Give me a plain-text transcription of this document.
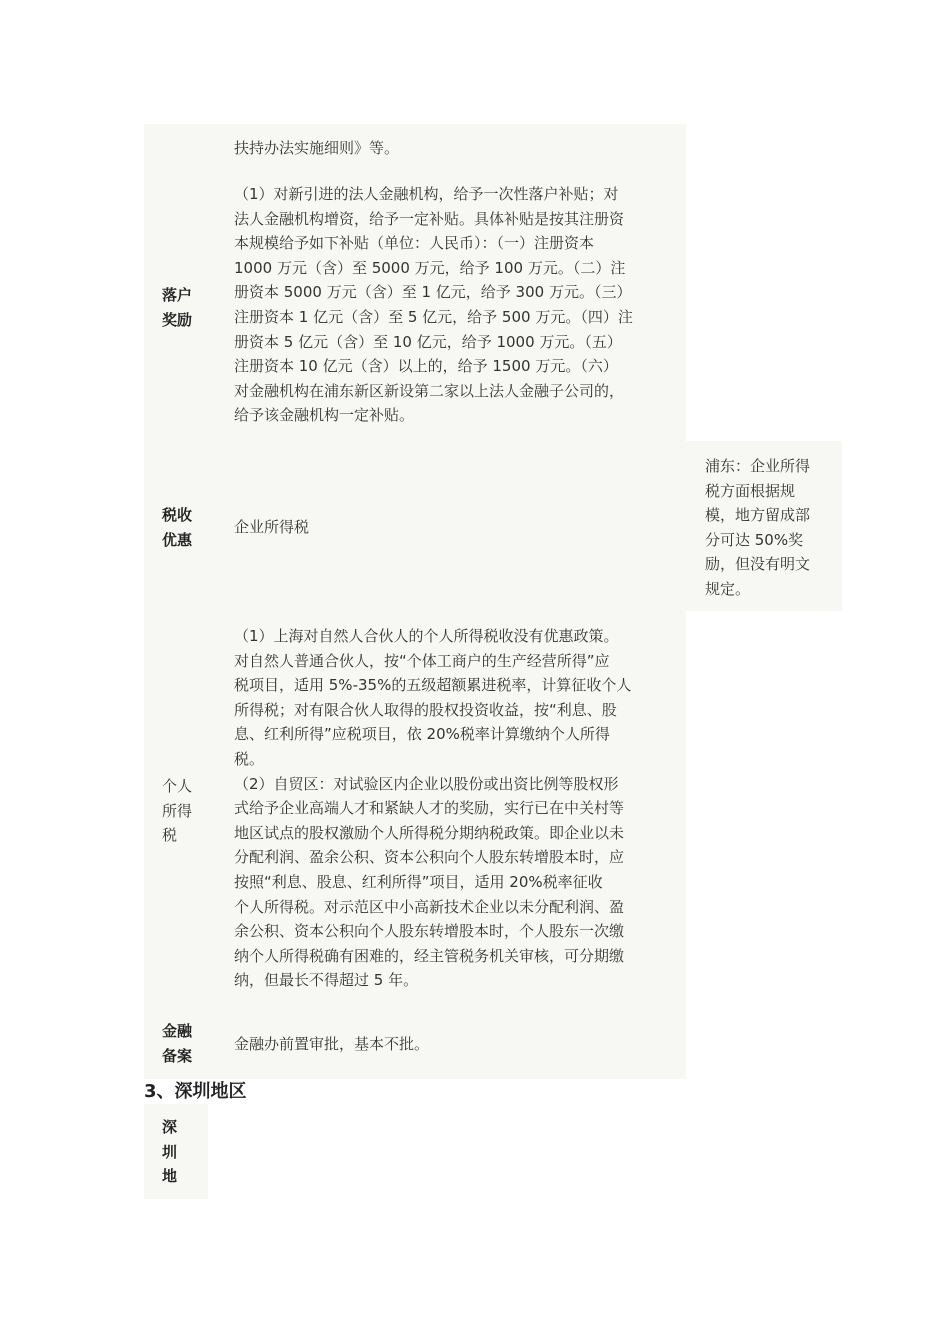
扶持办法实施细则》等。
落户
奖励
（1）对新引进的法人金融机构，给予一次性落户补贴；对
法人金融机构增资，给予一定补贴。具体补贴是按其注册资
本规模给予如下补贴（单位：人民币）：（一）注册资本
1000 万元（含）至 5000 万元，给予 100 万元。（二）注
册资本 5000 万元（含）至 1 亿元，给予 300 万元。（三）
注册资本 1 亿元（含）至 5 亿元，给予 500 万元。（四）注
册资本 5 亿元（含）至 10 亿元，给予 1000 万元。（五）
注册资本 10 亿元（含）以上的，给予 1500 万元。（六）
对金融机构在浦东新区新设第二家以上法人金融子公司的，
给予该金融机构一定补贴。
税收
优惠
企业所得税
浦东：企业所得
税方面根据规
模，地方留成部
分可达 50%奖
励，但没有明文
规定。
个人
所得
税
（1）上海对自然人合伙人的个人所得税收没有优惠政策。
对自然人普通合伙人，按“个体工商户的生产经营所得”应
税项目，适用 5%-35%的五级超额累进税率，计算征收个人
所得税；对有限合伙人取得的股权投资收益，按“利息、股
息、红利所得”应税项目，依 20%税率计算缴纳个人所得
税。
（2）自贸区：对试验区内企业以股份或出资比例等股权形
式给予企业高端人才和紧缺人才的奖励，实行已在中关村等
地区试点的股权激励个人所得税分期纳税政策。即企业以未
分配利润、盈余公积、资本公积向个人股东转增股本时，应
按照“利息、股息、红利所得”项目，适用 20%税率征收
个人所得税。对示范区中小高新技术企业以未分配利润、盈
余公积、资本公积向个人股东转增股本时，个人股东一次缴
纳个人所得税确有困难的，经主管税务机关审核，可分期缴
纳，但最长不得超过 5 年。
金融
备案
金融办前置审批，基本不批。
3、深圳地区
深
圳
地
